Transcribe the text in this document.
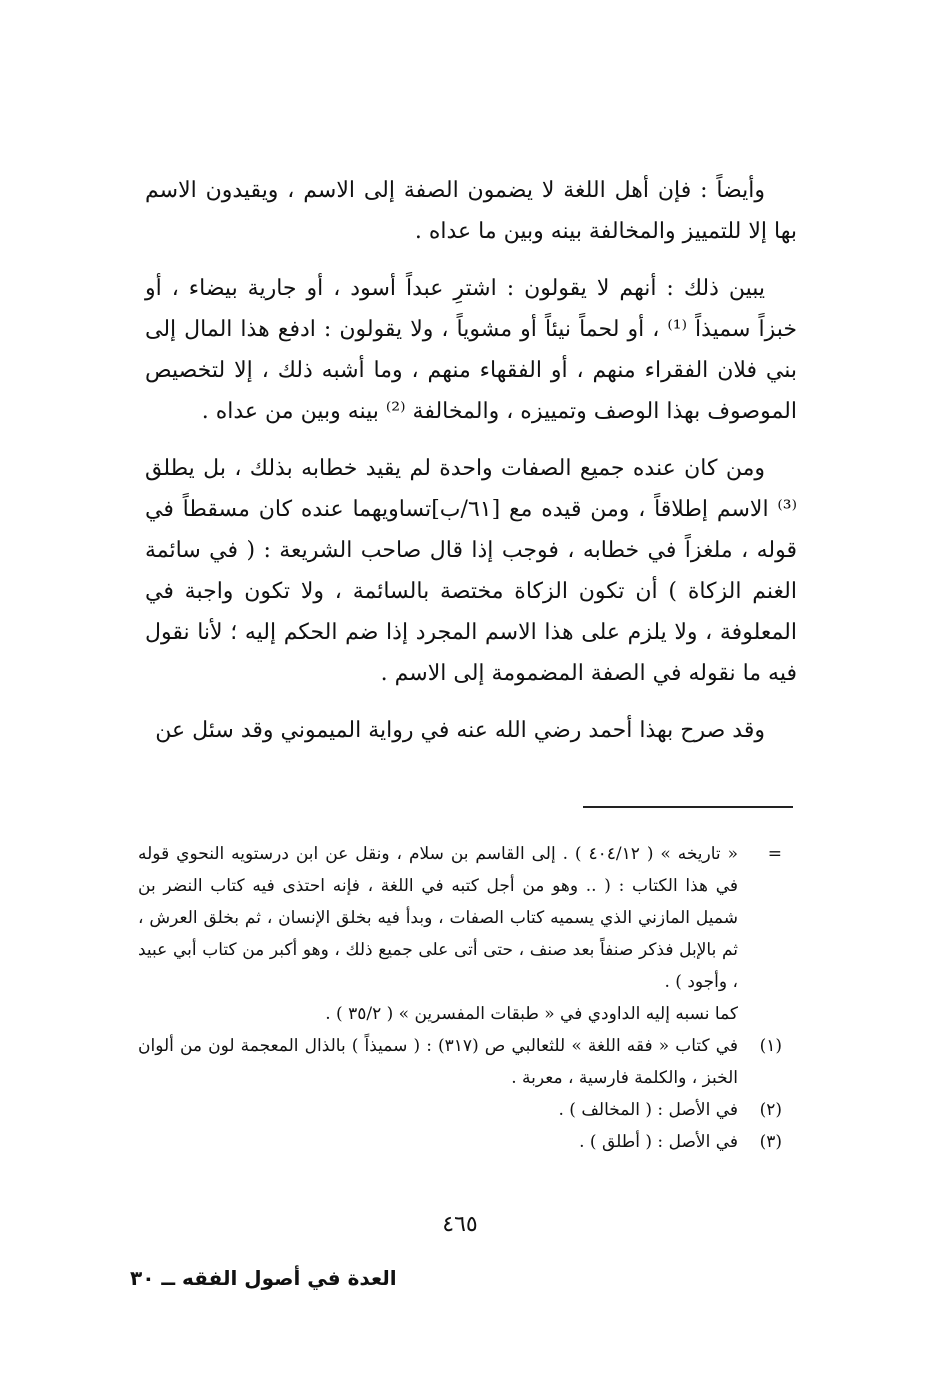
وأيضاً : فإن أهل اللغة لا يضمون الصفة إلى الاسم ، ويقيدون الاسم بها إلا للتمييز والمخالفة بينه وبين ما عداه .

يبين ذلك : أنهم لا يقولون : اشترِ عبداً أسود ، أو جارية بيضاء ، أو خبزاً سميذاً ⁽¹⁾ ، أو لحماً نيئاً أو مشوياً ، ولا يقولون : ادفع هذا المال إلى بني فلان الفقراء منهم ، أو الفقهاء منهم ، وما أشبه ذلك ، إلا لتخصيص الموصوف بهذا الوصف وتمييزه ، والمخالفة ⁽²⁾ بينه وبين من عداه .

ومن كان عنده جميع الصفات واحدة لم يقيد خطابه بذلك ، بل يطلق ⁽³⁾ الاسم إطلاقاً ، ومن قيده مع [٦١/ب]تساويهما عنده كان مسقطاً في قوله ، ملغزاً في خطابه ، فوجب إذا قال صاحب الشريعة : ( في سائمة الغنم الزكاة ) أن تكون الزكاة مختصة بالسائمة ، ولا تكون واجبة في المعلوفة ، ولا يلزم على هذا الاسم المجرد إذا ضم الحكم إليه ؛ لأنا نقول فيه ما نقوله في الصفة المضمومة إلى الاسم .

وقد صرح بهذا أحمد رضي الله عنه في رواية الميموني وقد سئل عن

=
« تاريخه » ( ٤٠٤/١٢ ) . إلى القاسم بن سلام ، ونقل عن ابن درستويه النحوي قوله في هذا الكتاب : ( .. وهو من أجل كتبه في اللغة ، فإنه احتذى فيه كتاب النضر بن شميل المازني الذي يسميه كتاب الصفات ، وبدأ فيه بخلق الإنسان ، ثم بخلق العرش ، ثم بالإبل فذكر صنفاً بعد صنف ، حتى أتى على جميع ذلك ، وهو أكبر من كتاب أبي عبيد ، وأجود ) .
كما نسبه إليه الداودي في « طبقات المفسرين » ( ٣٥/٢ ) .
(١)
في كتاب « فقه اللغة » للثعالبي ص (٣١٧) : ( سميذاً ) بالذال المعجمة لون من ألوان الخبز ، والكلمة فارسية ، معربة .
(٢)
في الأصل : ( المخالف ) .
(٣)
في الأصل : ( أطلق ) .
٤٦٥
العدة في أصول الفقه ــ ٣٠
